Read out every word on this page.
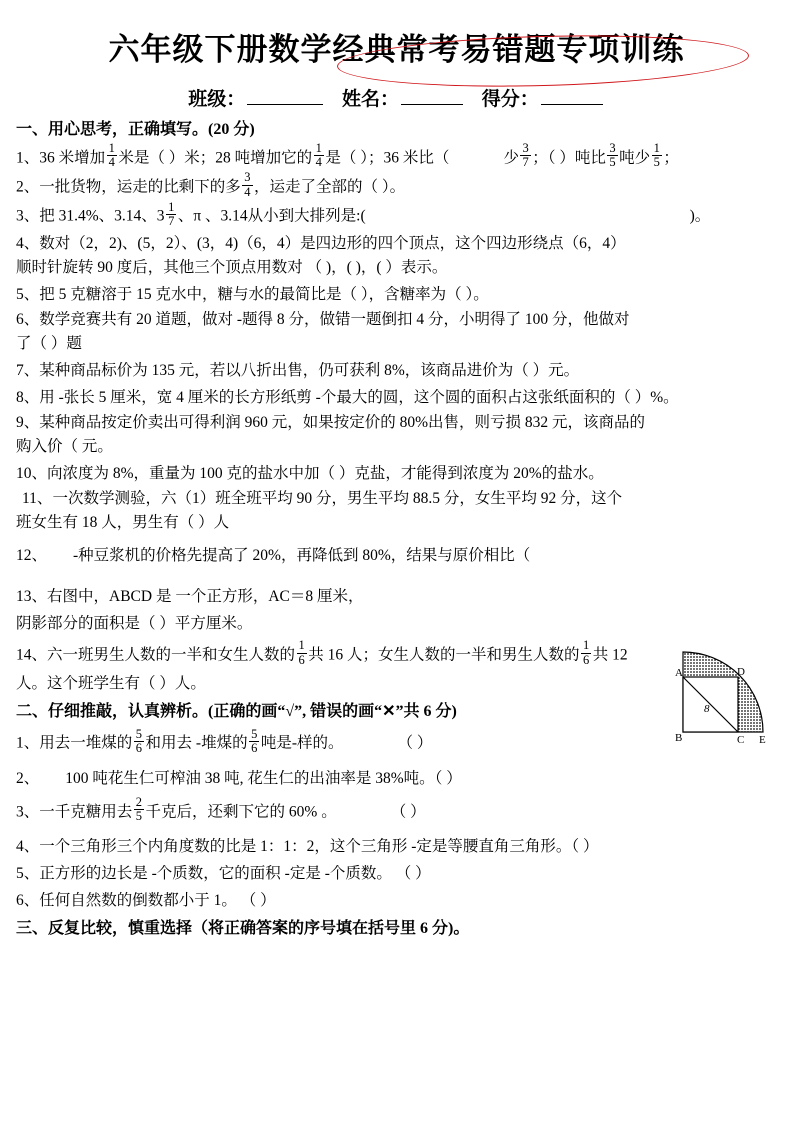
六年级下册数学经典常考易错题专项训练
班级：	姓名：	得分：
一、用心思考，正确填写。(20 分)
1、36 米增加 $\frac{1}{4}$ 米是（ ）米；28 吨增加它的 $\frac{1}{4}$ 是（ ）；36 米比（	少 $\frac{3}{7}$ ；（ ）吨比 $\frac{3}{5}$ 吨少 $\frac{1}{5}$ ；
2、一批货物，运走的比剩下的多 $\frac{3}{4}$ ，运走了全部的（ ）。
3、把 31.4%、3.14、$3 \frac{1}{7}$ 、π 、3.14从小到大排列是:(	)。
4、数对（2，2)、(5，2）、(3，4)（6，4）是四边形的四个顶点，这个四边形绕点（6，4）
顺时针旋转 90 度后，其他三个顶点用数对 （ )，( )，( ）表示。
5、把 5 克糖溶于 15 克水中，糖与水的最简比是（ ），含糖率为（ ）。
6、数学竞赛共有 20 道题，做对 -题得 8 分，做错一题倒扣 4 分，小明得了 100 分，他做对
了（ ）题
7、某种商品标价为 135 元，若以八折出售，仍可获利 8%，该商品进价为（ ）元。
8、用 -张长 5 厘米，宽 4 厘米的长方形纸剪 -个最大的圆，这个圆的面积占这张纸面积的（ ）%。
9、某种商品按定价卖出可得利润 960 元，如果按定价的 80%出售，则亏损 832 元，该商品的
购入价（ 元。
10、向浓度为 8%，重量为 100 克的盐水中加（ ）克盐，才能得到浓度为 20%的盐水。
11、一次数学测验，六（1）班全班平均 90 分，男生平均 88.5 分，女生平均 92 分，这个
班女生有 18 人，男生有（ ）人
12、 -种豆浆机的价格先提高了 20%，再降低到 80%，结果与原价相比（
13、右图中，ABCD 是 一个正方形，AC＝8 厘米，
阴影部分的面积是（ ）平方厘米。
14、六一班男生人数的一半和女生人数的 $\frac{1}{6}$ 共 16 人；女生人数的一半和男生人数的 $\frac{1}{6}$ 共 12
人。这个班学生有（ ）人。
二、仔细推敲，认真辨析。(正确的画“√”, 错误的画“✕”共 6 分)
1、用去一堆煤的 $\frac{5}{6}$ 和用去 -堆煤的 $\frac{5}{6}$ 吨是-样的。	（ ）
2、 100 吨花生仁可榨油 38 吨, 花生仁的出油率是 38%吨。（ ）
3、一千克糖用去 $\frac{2}{5}$ 千克后，还剩下它的 60% 。	（ ）
4、一个三角形三个内角度数的比是 1：1：2，这个三角形 -定是等腰直角三角形。（ ）
5、正方形的边长是 -个质数，它的面积 -定是 -个质数。 （ ）
6、任何自然数的倒数都小于 1。 （ ）
三、反复比较，慎重选择（将正确答案的序号填在括号里 6 分)。
A
B	C
D
E
8
